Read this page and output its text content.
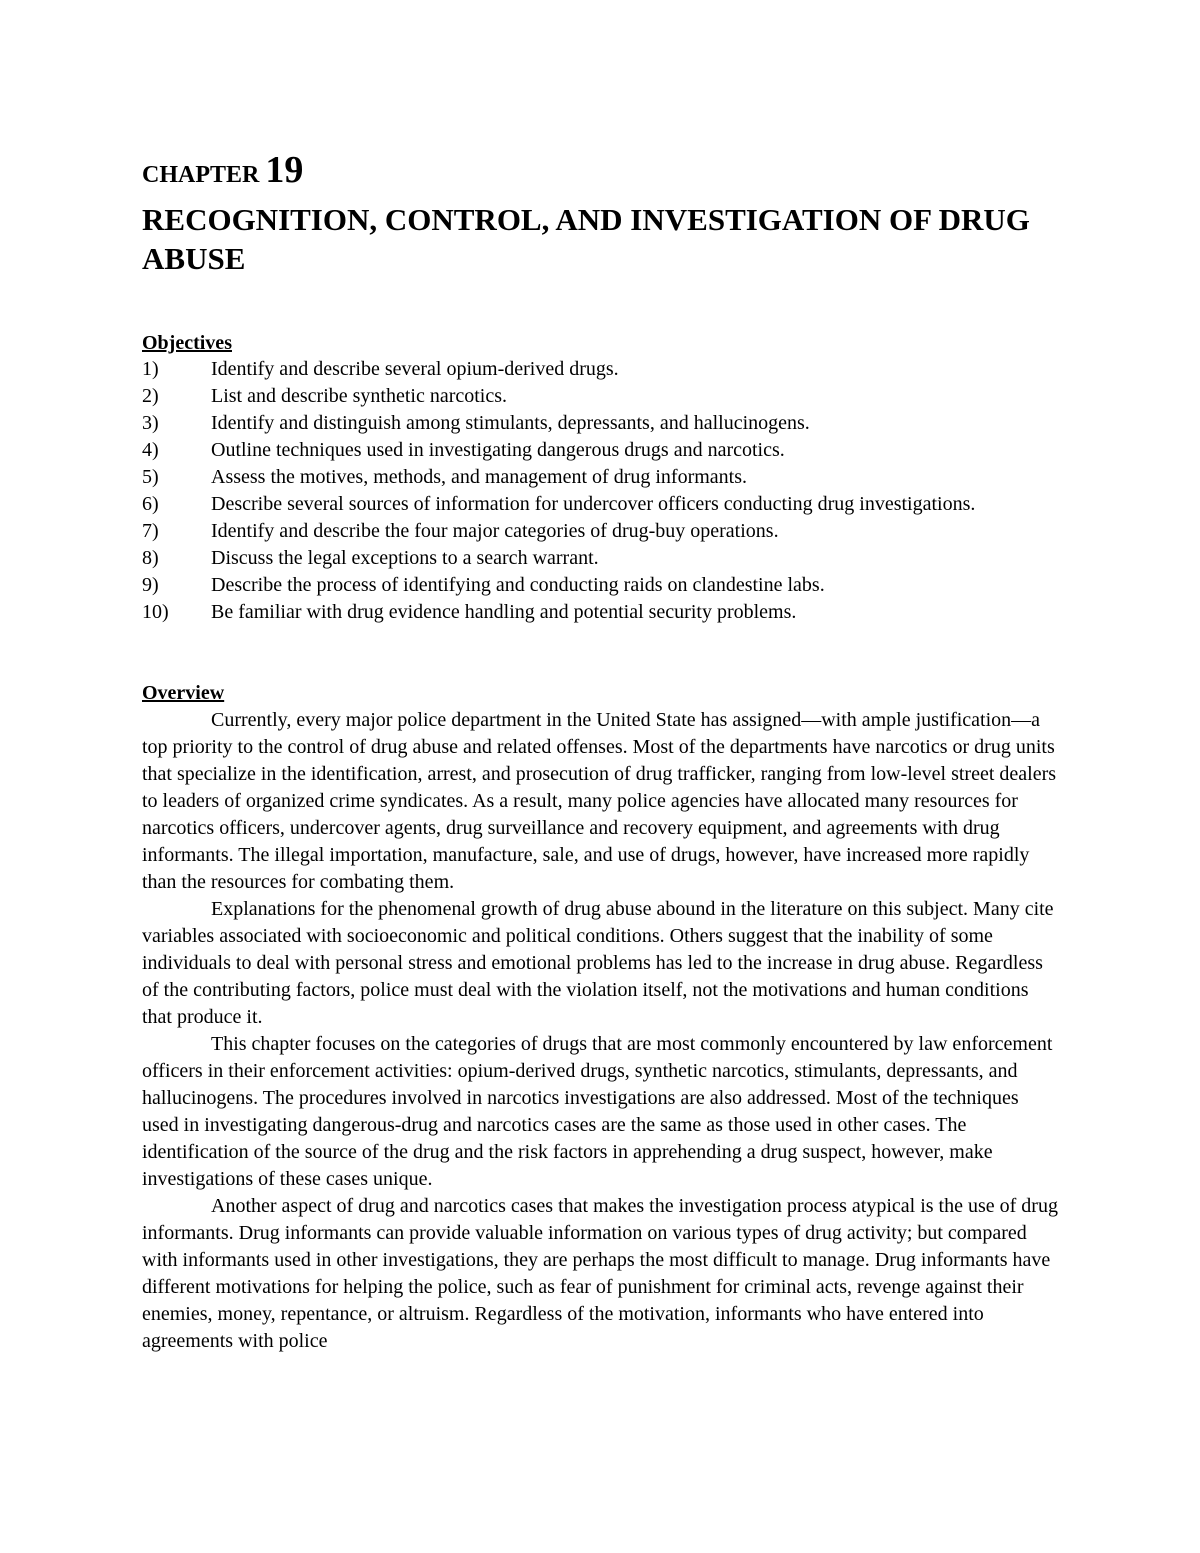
CHAPTER 19
RECOGNITION, CONTROL, AND INVESTIGATION OF DRUG ABUSE
Objectives
1)	Identify and describe several opium-derived drugs.
2)	List and describe synthetic narcotics.
3)	Identify and distinguish among stimulants, depressants, and hallucinogens.
4)	Outline techniques used in investigating dangerous drugs and narcotics.
5)	Assess the motives, methods, and management of drug informants.
6)	Describe several sources of information for undercover officers conducting drug investigations.
7)	Identify and describe the four major categories of drug-buy operations.
8)	Discuss the legal exceptions to a search warrant.
9)	Describe the process of identifying and conducting raids on clandestine labs.
10)	Be familiar with drug evidence handling and potential security problems.
Overview

Currently, every major police department in the United State has assigned—with ample justification—a top priority to the control of drug abuse and related offenses. Most of the departments have narcotics or drug units that specialize in the identification, arrest, and prosecution of drug trafficker, ranging from low-level street dealers to leaders of organized crime syndicates. As a result, many police agencies have allocated many resources for narcotics officers, undercover agents, drug surveillance and recovery equipment, and agreements with drug informants. The illegal importation, manufacture, sale, and use of drugs, however, have increased more rapidly than the resources for combating them.

Explanations for the phenomenal growth of drug abuse abound in the literature on this subject. Many cite variables associated with socioeconomic and political conditions. Others suggest that the inability of some individuals to deal with personal stress and emotional problems has led to the increase in drug abuse. Regardless of the contributing factors, police must deal with the violation itself, not the motivations and human conditions that produce it.

This chapter focuses on the categories of drugs that are most commonly encountered by law enforcement officers in their enforcement activities: opium-derived drugs, synthetic narcotics, stimulants, depressants, and hallucinogens. The procedures involved in narcotics investigations are also addressed. Most of the techniques used in investigating dangerous-drug and narcotics cases are the same as those used in other cases. The identification of the source of the drug and the risk factors in apprehending a drug suspect, however, make investigations of these cases unique.

Another aspect of drug and narcotics cases that makes the investigation process atypical is the use of drug informants. Drug informants can provide valuable information on various types of drug activity; but compared with informants used in other investigations, they are perhaps the most difficult to manage. Drug informants have different motivations for helping the police, such as fear of punishment for criminal acts, revenge against their enemies, money, repentance, or altruism. Regardless of the motivation, informants who have entered into agreements with police
